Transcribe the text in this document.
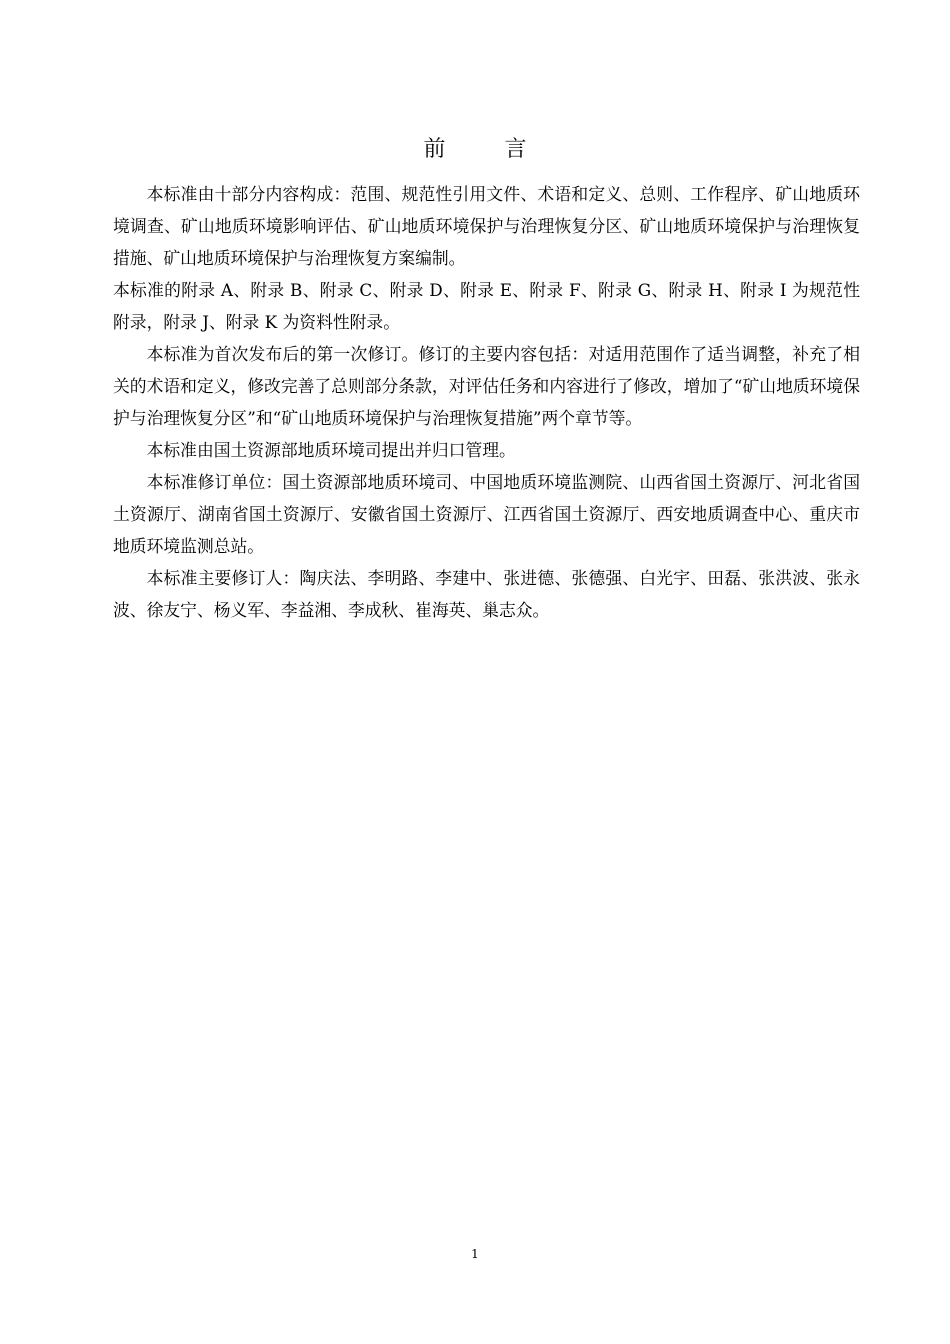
前 言

本标准由十部分内容构成：范围、规范性引用文件、术语和定义、总则、工作程序、矿山地质环境调查、矿山地质环境影响评估、矿山地质环境保护与治理恢复分区、矿山地质环境保护与治理恢复措施、矿山地质环境保护与治理恢复方案编制。

本标准的附录 A、附录 B、附录 C、附录 D、附录 E、附录 F、附录 G、附录 H、附录 I 为规范性附录，附录 J、附录 K 为资料性附录。

本标准为首次发布后的第一次修订。修订的主要内容包括：对适用范围作了适当调整，补充了相关的术语和定义，修改完善了总则部分条款，对评估任务和内容进行了修改，增加了“矿山地质环境保护与治理恢复分区”和“矿山地质环境保护与治理恢复措施”两个章节等。

本标准由国土资源部地质环境司提出并归口管理。

本标准修订单位：国土资源部地质环境司、中国地质环境监测院、山西省国土资源厅、河北省国土资源厅、湖南省国土资源厅、安徽省国土资源厅、江西省国土资源厅、西安地质调查中心、重庆市地质环境监测总站。

本标准主要修订人：陶庆法、李明路、李建中、张进德、张德强、白光宇、田磊、张洪波、张永波、徐友宁、杨义军、李益湘、李成秋、崔海英、巢志众。

1
